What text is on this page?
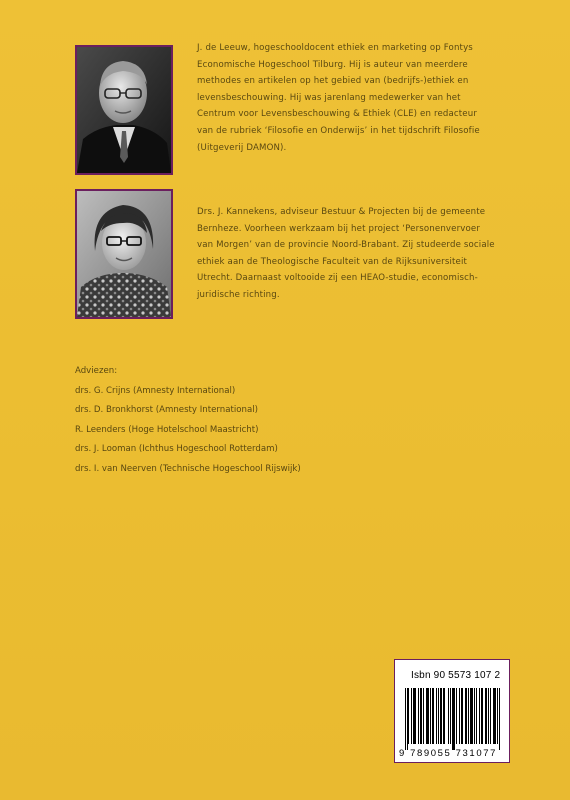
J. de Leeuw, hogeschooldocent ethiek en marketing op Fontys

Economische Hogeschool Tilburg. Hij is auteur van meerdere

methodes en artikelen op het gebied van (bedrijfs-)ethiek en

levensbeschouwing. Hij was jarenlang medewerker van het

Centrum voor Levensbeschouwing & Ethiek (CLE) en redacteur

van de rubriek ‘Filosofie en Onderwijs’ in het tijdschrift Filosofie

(Uitgeverij DAMON).

Drs. J. Kannekens, adviseur Bestuur & Projecten bij de gemeente

Bernheze. Voorheen werkzaam bij het project ‘Personenvervoer

van Morgen’ van de provincie Noord-Brabant. Zij studeerde sociale

ethiek aan de Theologische Faculteit van de Rijksuniversiteit

Utrecht. Daarnaast voltooide zij een HEAO-studie, economisch-

juridische richting.

Adviezen:
drs. G. Crijns (Amnesty International)
drs. D. Bronkhorst (Amnesty International)
R. Leenders (Hoge Hotelschool Maastricht)
drs. J. Looman (Ichthus Hogeschool Rotterdam)
drs. I. van Neerven (Technische Hogeschool Rijswijk)
Isbn 90 5573 107 2
9 789055 731077
